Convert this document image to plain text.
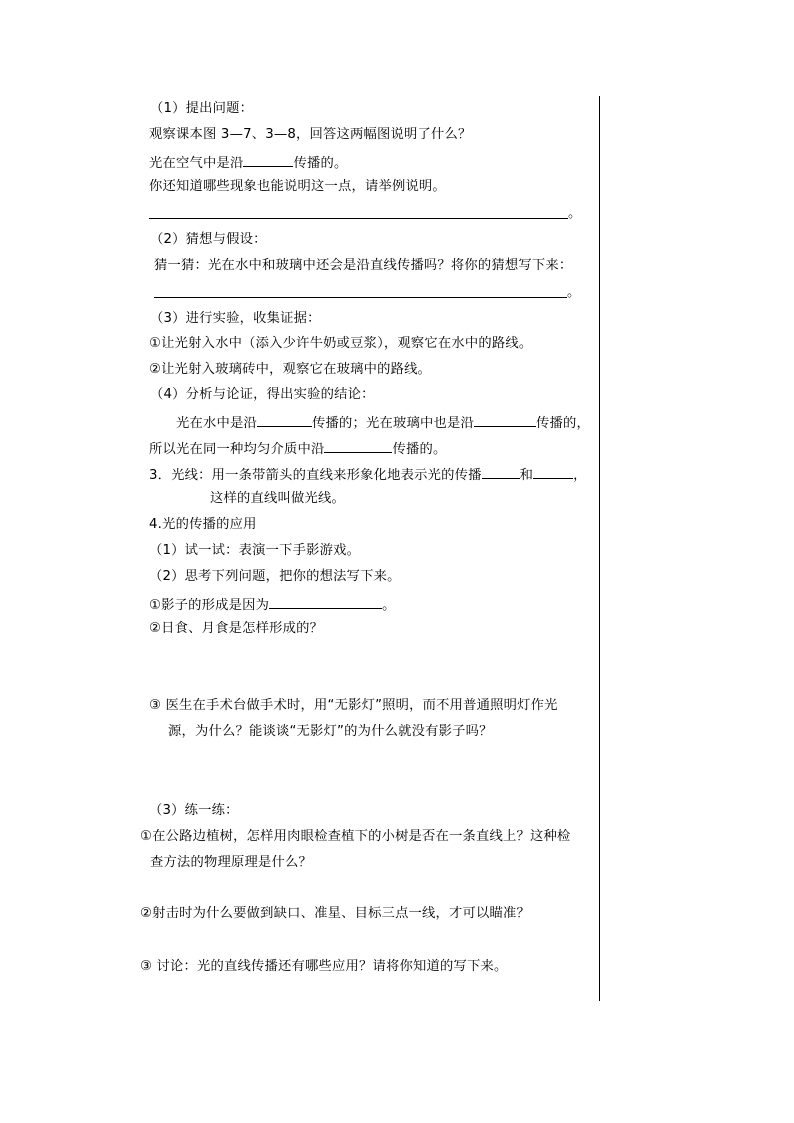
（1）提出问题：
观察课本图 3—7、3—8，回答这两幅图说明了什么？
光在空气中是沿	传播的。
你还知道哪些现象也能说明这一点，请举例说明。
。
（2）猜想与假设：
猜一猜：光在水中和玻璃中还会是沿直线传播吗？将你的猜想写下来：
。
（3）进行实验，收集证据：
①让光射入水中（添入少许牛奶或豆浆），观察它在水中的路线。
②让光射入玻璃砖中，观察它在玻璃中的路线。
（4）分析与论证，得出实验的结论：
光在水中是沿	传播的；光在玻璃中也是沿	传播的，
所以光在同一种均匀介质中沿	传播的。
3．光线：用一条带箭头的直线来形象化地表示光的传播	和	，
这样的直线叫做光线。
4.光的传播的应用
（1）试一试：表演一下手影游戏。
（2）思考下列问题，把你的想法写下来。
①影子的形成是因为	。
②日食、月食是怎样形成的？
③ 医生在手术台做手术时，用“无影灯”照明，而不用普通照明灯作光
源，为什么？能谈谈“无影灯”的为什么就没有影子吗？
（3）练一练：
①在公路边植树，怎样用肉眼检查植下的小树是否在一条直线上？这种检
查方法的物理原理是什么？
②射击时为什么要做到缺口、准星、目标三点一线，才可以瞄准？
③ 讨论：光的直线传播还有哪些应用？请将你知道的写下来。
